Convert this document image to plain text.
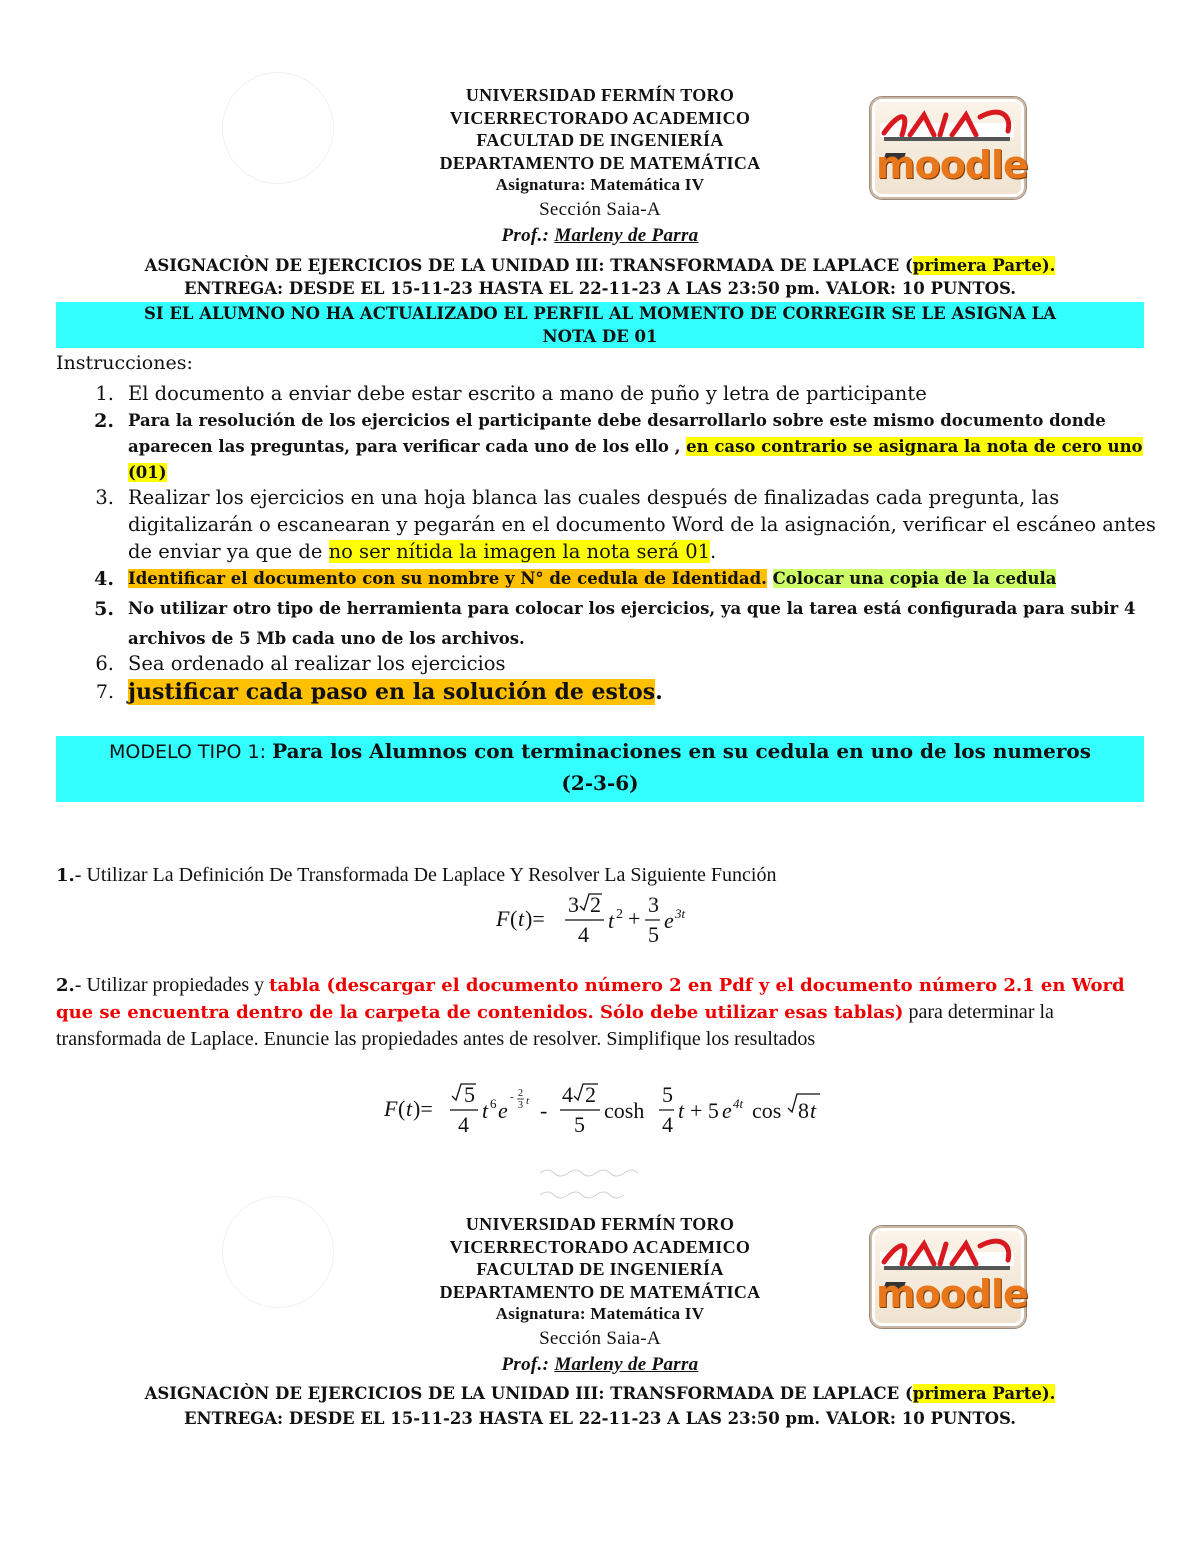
UNIVERSIDAD FERMÍN TORO
VICERRECTORADO ACADEMICO
FACULTAD DE INGENIERÍA
DEPARTAMENTO DE MATEMÁTICA
Asignatura: Matemática IV
Sección Saia-A
Prof.: Marleny de Parra
ASIGNACIÒN DE EJERCICIOS DE LA UNIDAD III: TRANSFORMADA DE LAPLACE (primera Parte).
ENTREGA: DESDE EL 15-11-23 HASTA EL 22-11-23 A LAS 23:50 pm. VALOR: 10 PUNTOS.
SI EL ALUMNO NO HA ACTUALIZADO EL PERFIL AL MOMENTO DE CORREGIR SE LE ASIGNA LA
NOTA DE 01
moodle
Instrucciones:
1. El documento a enviar debe estar escrito a mano de puño y letra de participante
2. Para la resolución de los ejercicios el participante debe desarrollarlo sobre este mismo documento donde aparecen las preguntas, para verificar cada uno de los ello , en caso contrario se asignara la nota de cero uno (01)
3. Realizar los ejercicios en una hoja blanca las cuales después de finalizadas cada pregunta, las digitalizarán o escanearan y pegarán en el documento Word de la asignación, verificar el escáneo antes de enviar ya que de no ser nítida la imagen la nota será 01.
4. Identificar el documento con su nombre y N° de cedula de Identidad. Colocar una copia de la cedula
5. No utilizar otro tipo de herramienta para colocar los ejercicios, ya que la tarea está configurada para subir 4 archivos de 5 Mb cada uno de los archivos.
6. Sea ordenado al realizar los ejercicios
7. justificar cada paso en la solución de estos.
MODELO TIPO 1: Para los Alumnos con terminaciones en su cedula en uno de los numeros
(2-3-6)
1.- Utilizar La Definición De Transformada De Laplace Y Resolver La Siguiente Función
F ( t )=
3 2
4
t 2 +
3
5
e 3t
2.- Utilizar propiedades y tabla (descargar el documento número 2 en Pdf y el documento número 2.1 en Word que se encuentra dentro de la carpeta de contenidos. Sólo debe utilizar esas tablas) para determinar la transformada de Laplace. Enuncie las propiedades antes de resolver. Simplifique los resultados
F ( t )=
5
4
t 6 e
- 2
3 t -
4 2
5
cosh
5
4
t + 5 e 4t cos 8 t
UNIVERSIDAD FERMÍN TORO
VICERRECTORADO ACADEMICO
FACULTAD DE INGENIERÍA
DEPARTAMENTO DE MATEMÁTICA
Asignatura: Matemática IV
Sección Saia-A
Prof.: Marleny de Parra
ASIGNACIÒN DE EJERCICIOS DE LA UNIDAD III: TRANSFORMADA DE LAPLACE (primera Parte).
ENTREGA: DESDE EL 15-11-23 HASTA EL 22-11-23 A LAS 23:50 pm. VALOR: 10 PUNTOS.
moodle
